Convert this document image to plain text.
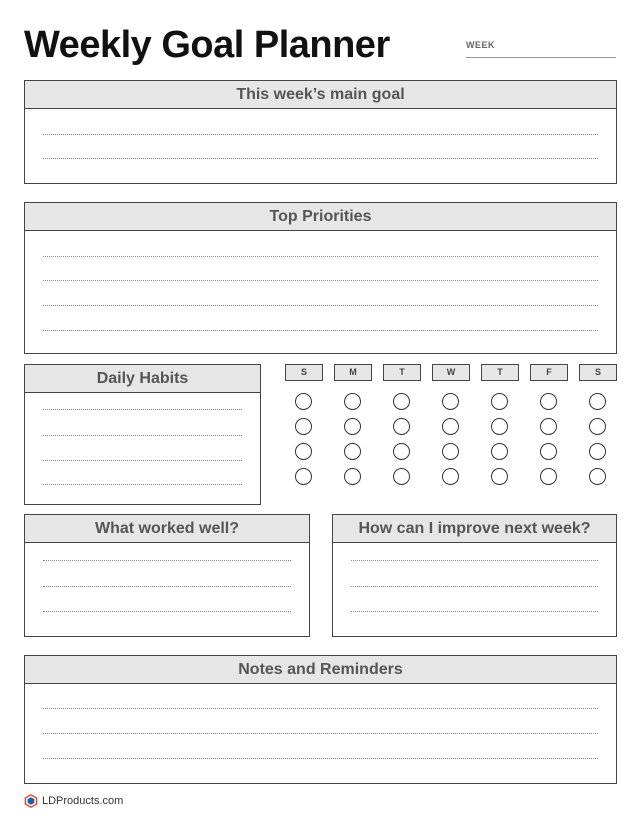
Weekly Goal Planner	WEEK
This week’s main goal
Top Priorities
Daily Habits	S	M	T	W	T	F	S
What worked well?	How can I improve next week?
Notes and Reminders
LDProducts.com
